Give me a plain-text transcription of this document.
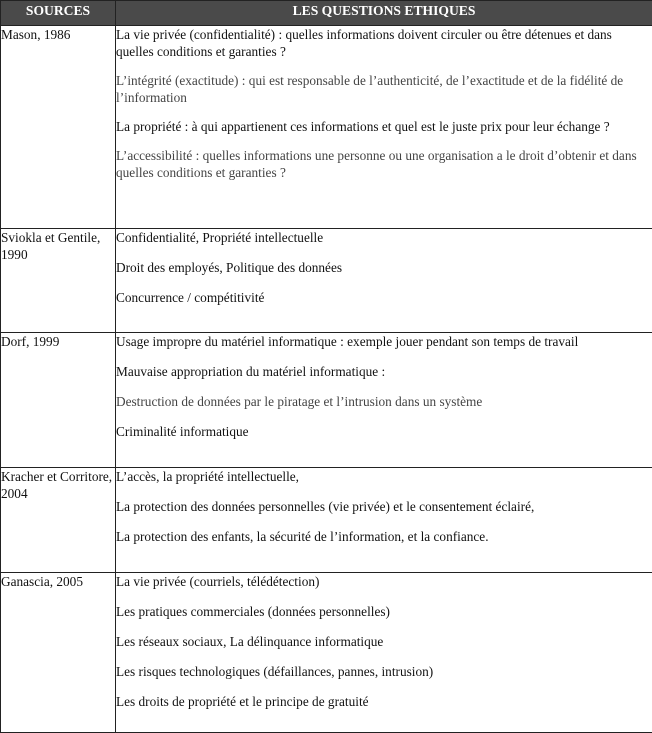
SOURCES	LES QUESTIONS ETHIQUES
Mason, 1986	La vie privée (confidentialité) : quelles informations doivent circuler ou être détenues et dans quelles conditions et garanties ?
L’intégrité (exactitude) : qui est responsable de l’authenticité, de l’exactitude et de la fidélité de l’information
La propriété : à qui appartienent ces informations et quel est le juste prix pour leur échange ?
L’accessibilité : quelles informations une personne ou une organisation a le droit d’obtenir et dans quelles conditions et garanties ?

Sviokla et Gentile, 1990	Confidentialité, Propriété intellectuelle
Droit des employés, Politique des données
Concurrence / compétitivité

Dorf, 1999	Usage impropre du matériel informatique : exemple jouer pendant son temps de travail
Mauvaise appropriation du matériel informatique :
Destruction de données par le piratage et l’intrusion dans un système
Criminalité informatique

Kracher et Corritore, 2004	L’accès, la propriété intellectuelle,
La protection des données personnelles (vie privée) et le consentement éclairé,
La protection des enfants, la sécurité de l’information, et la confiance.

Ganascia, 2005	La vie privée (courriels, télédétection)
Les pratiques commerciales (données personnelles)
Les réseaux sociaux, La délinquance informatique
Les risques technologiques (défaillances, pannes, intrusion)
Les droits de propriété et le principe de gratuité
